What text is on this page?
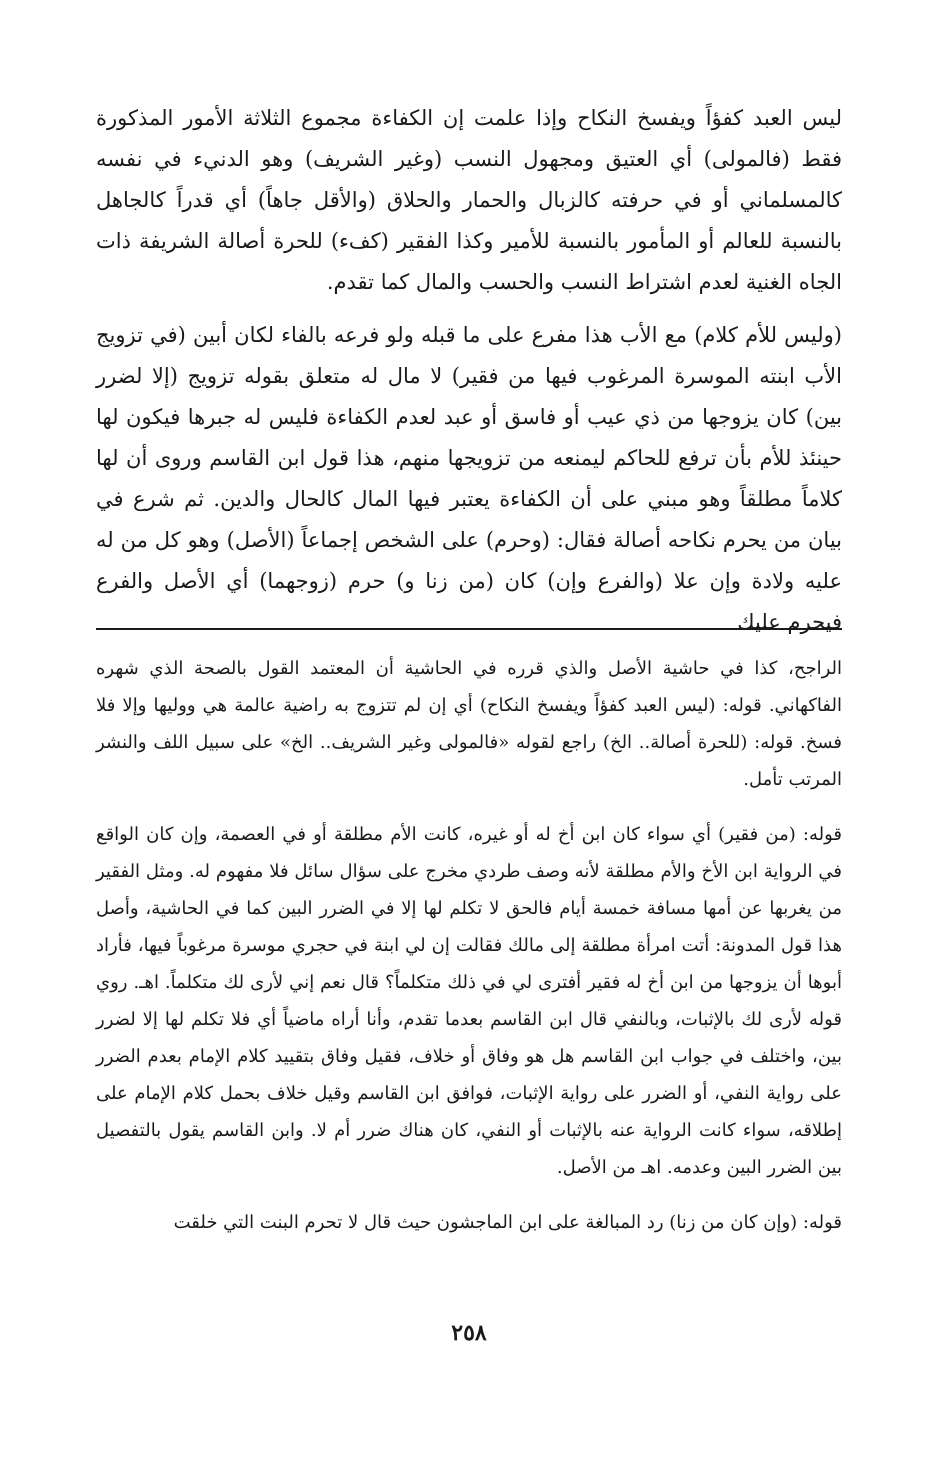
ليس العبد كفؤاً ويفسخ النكاح وإذا علمت إن الكفاءة مجموع الثلاثة الأمور المذكورة فقط (فالمولى) أي العتيق ومجهول النسب (وغير الشريف) وهو الدنيء في نفسه كالمسلماني أو في حرفته كالزبال والحمار والحلاق (والأقل جاهاً) أي قدراً كالجاهل بالنسبة للعالم أو المأمور بالنسبة للأمير وكذا الفقير (كفء) للحرة أصالة الشريفة ذات الجاه الغنية لعدم اشتراط النسب والحسب والمال كما تقدم.

(وليس للأم كلام) مع الأب هذا مفرع على ما قبله ولو فرعه بالفاء لكان أبين (في تزويج الأب ابنته الموسرة المرغوب فيها من فقير) لا مال له متعلق بقوله تزويج (إلا لضرر بين) كان يزوجها من ذي عيب أو فاسق أو عبد لعدم الكفاءة فليس له جبرها فيكون لها حينئذ للأم بأن ترفع للحاكم ليمنعه من تزويجها منهم، هذا قول ابن القاسم وروى أن لها كلاماً مطلقاً وهو مبني على أن الكفاءة يعتبر فيها المال كالحال والدين. ثم شرع في بيان من يحرم نكاحه أصالة فقال: (وحرم) على الشخص إجماعاً (الأصل) وهو كل من له عليه ولادة وإن علا (والفرع وإن) كان (من زنا و) حرم (زوجهما) أي الأصل والفرع فيحرم عليك

الراجح، كذا في حاشية الأصل والذي قرره في الحاشية أن المعتمد القول بالصحة الذي شهره الفاكهاني. قوله: (ليس العبد كفؤاً ويفسخ النكاح) أي إن لم تتزوج به راضية عالمة هي ووليها وإلا فلا فسخ. قوله: (للحرة أصالة.. الخ) راجع لقوله «فالمولى وغير الشريف.. الخ» على سبيل اللف والنشر المرتب تأمل.

قوله: (من فقير) أي سواء كان ابن أخ له أو غيره، كانت الأم مطلقة أو في العصمة، وإن كان الواقع في الرواية ابن الأخ والأم مطلقة لأنه وصف طردي مخرج على سؤال سائل فلا مفهوم له. ومثل الفقير من يغربها عن أمها مسافة خمسة أيام فالحق لا تكلم لها إلا في الضرر البين كما في الحاشية، وأصل هذا قول المدونة: أتت امرأة مطلقة إلى مالك فقالت إن لي ابنة في حجري موسرة مرغوباً فيها، فأراد أبوها أن يزوجها من ابن أخ له فقير أفترى لي في ذلك متكلماً؟ قال نعم إني لأرى لك متكلماً. اهـ. روي قوله لأرى لك بالإثبات، وبالنفي قال ابن القاسم بعدما تقدم، وأنا أراه ماضياً أي فلا تكلم لها إلا لضرر بين، واختلف في جواب ابن القاسم هل هو وفاق أو خلاف، فقيل وفاق بتقييد كلام الإمام بعدم الضرر على رواية النفي، أو الضرر على رواية الإثبات، فوافق ابن القاسم وقيل خلاف بحمل كلام الإمام على إطلاقه، سواء كانت الرواية عنه بالإثبات أو النفي، كان هناك ضرر أم لا. وابن القاسم يقول بالتفصيل بين الضرر البين وعدمه. اهـ من الأصل.

قوله: (وإن كان من زنا) رد المبالغة على ابن الماجشون حيث قال لا تحرم البنت التي خلقت

٢٥٨
